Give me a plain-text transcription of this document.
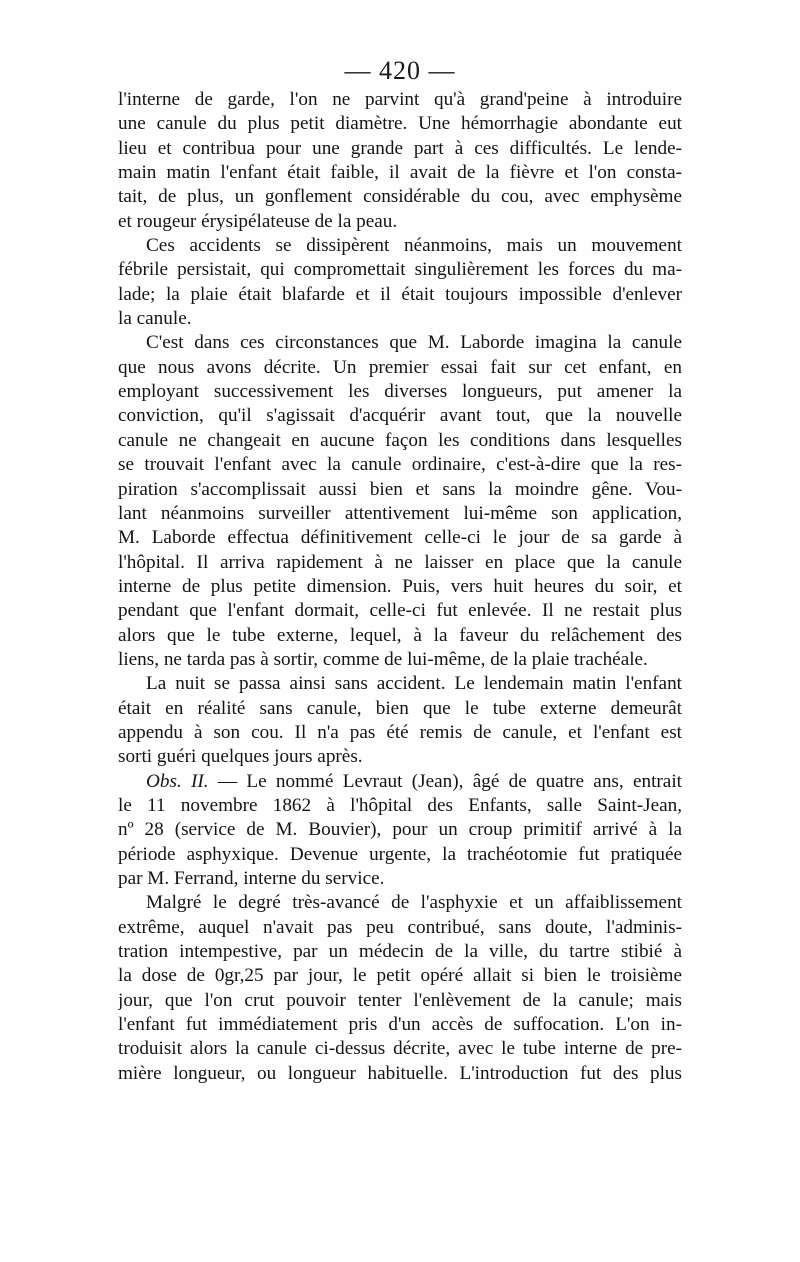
— 420 —
l'interne de garde, l'on ne parvint qu'à grand'peine à introduire
une canule du plus petit diamètre. Une hémorrhagie abondante eut
lieu et contribua pour une grande part à ces difficultés. Le lende-
main matin l'enfant était faible, il avait de la fièvre et l'on consta-
tait, de plus, un gonflement considérable du cou, avec emphysème
et rougeur érysipélateuse de la peau.
Ces accidents se dissipèrent néanmoins, mais un mouvement
fébrile persistait, qui compromettait singulièrement les forces du ma-
lade; la plaie était blafarde et il était toujours impossible d'enlever
la canule.
C'est dans ces circonstances que M. Laborde imagina la canule
que nous avons décrite. Un premier essai fait sur cet enfant, en
employant successivement les diverses longueurs, put amener la
conviction, qu'il s'agissait d'acquérir avant tout, que la nouvelle
canule ne changeait en aucune façon les conditions dans lesquelles
se trouvait l'enfant avec la canule ordinaire, c'est-à-dire que la res-
piration s'accomplissait aussi bien et sans la moindre gêne. Vou-
lant néanmoins surveiller attentivement lui-même son application,
M. Laborde effectua définitivement celle-ci le jour de sa garde à
l'hôpital. Il arriva rapidement à ne laisser en place que la canule
interne de plus petite dimension. Puis, vers huit heures du soir, et
pendant que l'enfant dormait, celle-ci fut enlevée. Il ne restait plus
alors que le tube externe, lequel, à la faveur du relâchement des
liens, ne tarda pas à sortir, comme de lui-même, de la plaie trachéale.
La nuit se passa ainsi sans accident. Le lendemain matin l'enfant
était en réalité sans canule, bien que le tube externe demeurât
appendu à son cou. Il n'a pas été remis de canule, et l'enfant est
sorti guéri quelques jours après.
Obs. II. — Le nommé Levraut (Jean), âgé de quatre ans, entrait
le 11 novembre 1862 à l'hôpital des Enfants, salle Saint-Jean,
nº 28 (service de M. Bouvier), pour un croup primitif arrivé à la
période asphyxique. Devenue urgente, la trachéotomie fut pratiquée
par M. Ferrand, interne du service.
Malgré le degré très-avancé de l'asphyxie et un affaiblissement
extrême, auquel n'avait pas peu contribué, sans doute, l'adminis-
tration intempestive, par un médecin de la ville, du tartre stibié à
la dose de 0gr,25 par jour, le petit opéré allait si bien le troisième
jour, que l'on crut pouvoir tenter l'enlèvement de la canule; mais
l'enfant fut immédiatement pris d'un accès de suffocation. L'on in-
troduisit alors la canule ci-dessus décrite, avec le tube interne de pre-
mière longueur, ou longueur habituelle. L'introduction fut des plus
